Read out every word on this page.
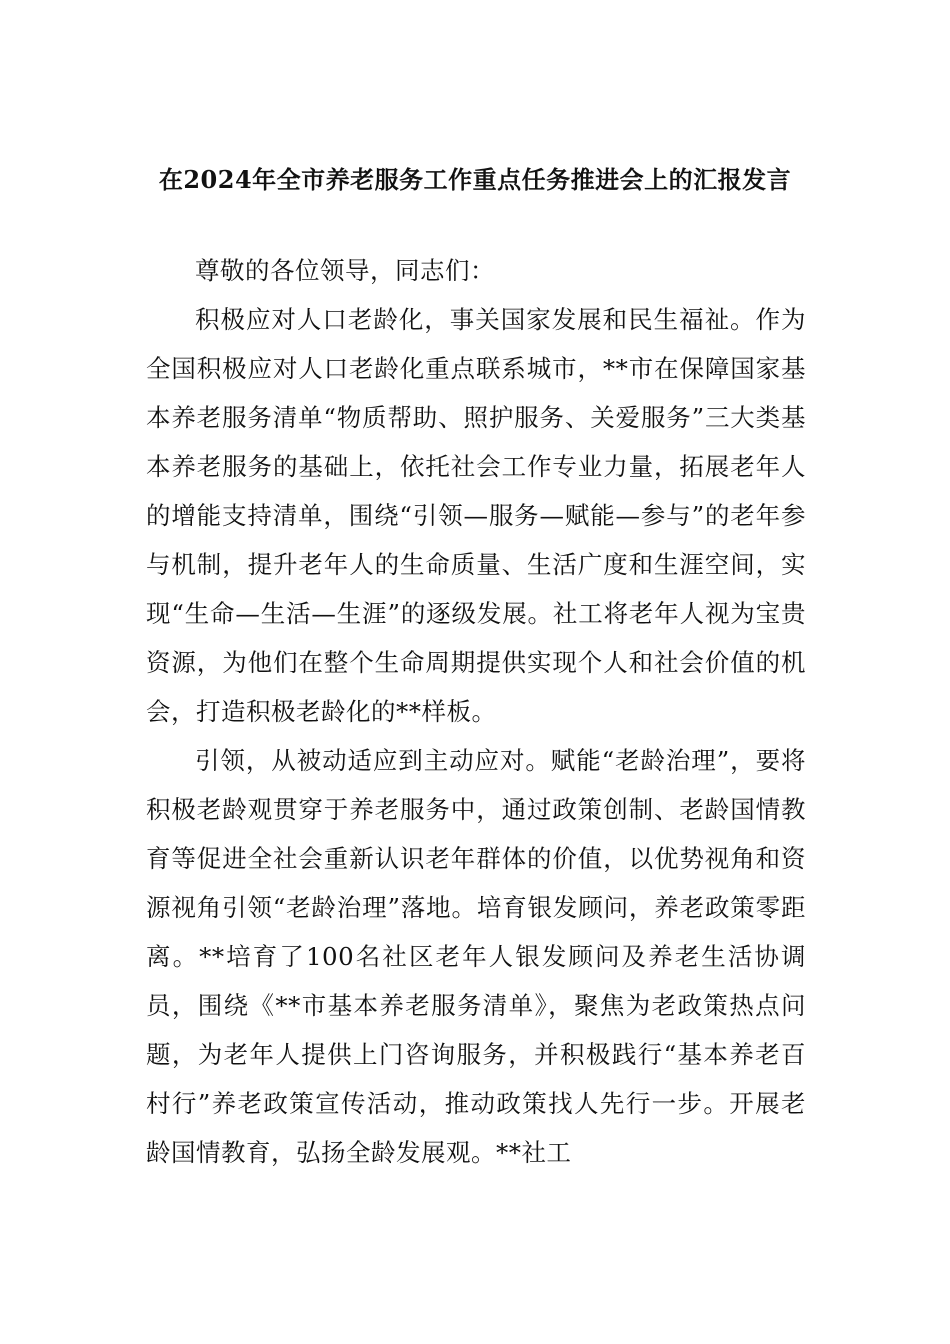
在2024年全市养老服务工作重点任务推进会上的汇报发言

尊敬的各位领导，同志们：

积极应对人口老龄化，事关国家发展和民生福祉。作为全国积极应对人口老龄化重点联系城市，**市在保障国家基本养老服务清单“物质帮助、照护服务、关爱服务”三大类基本养老服务的基础上，依托社会工作专业力量，拓展老年人的增能支持清单，围绕“引领—服务—赋能—参与”的老年参与机制，提升老年人的生命质量、生活广度和生涯空间，实现“生命—生活—生涯”的逐级发展。社工将老年人视为宝贵资源，为他们在整个生命周期提供实现个人和社会价值的机会，打造积极老龄化的**样板。

引领，从被动适应到主动应对。赋能“老龄治理”，要将积极老龄观贯穿于养老服务中，通过政策创制、老龄国情教育等促进全社会重新认识老年群体的价值，以优势视角和资源视角引领“老龄治理”落地。培育银发顾问，养老政策零距离。**培育了100名社区老年人银发顾问及养老生活协调员，围绕《**市基本养老服务清单》，聚焦为老政策热点问题，为老年人提供上门咨询服务，并积极践行“基本养老百村行”养老政策宣传活动，推动政策找人先行一步。开展老龄国情教育，弘扬全龄发展观。**社工
